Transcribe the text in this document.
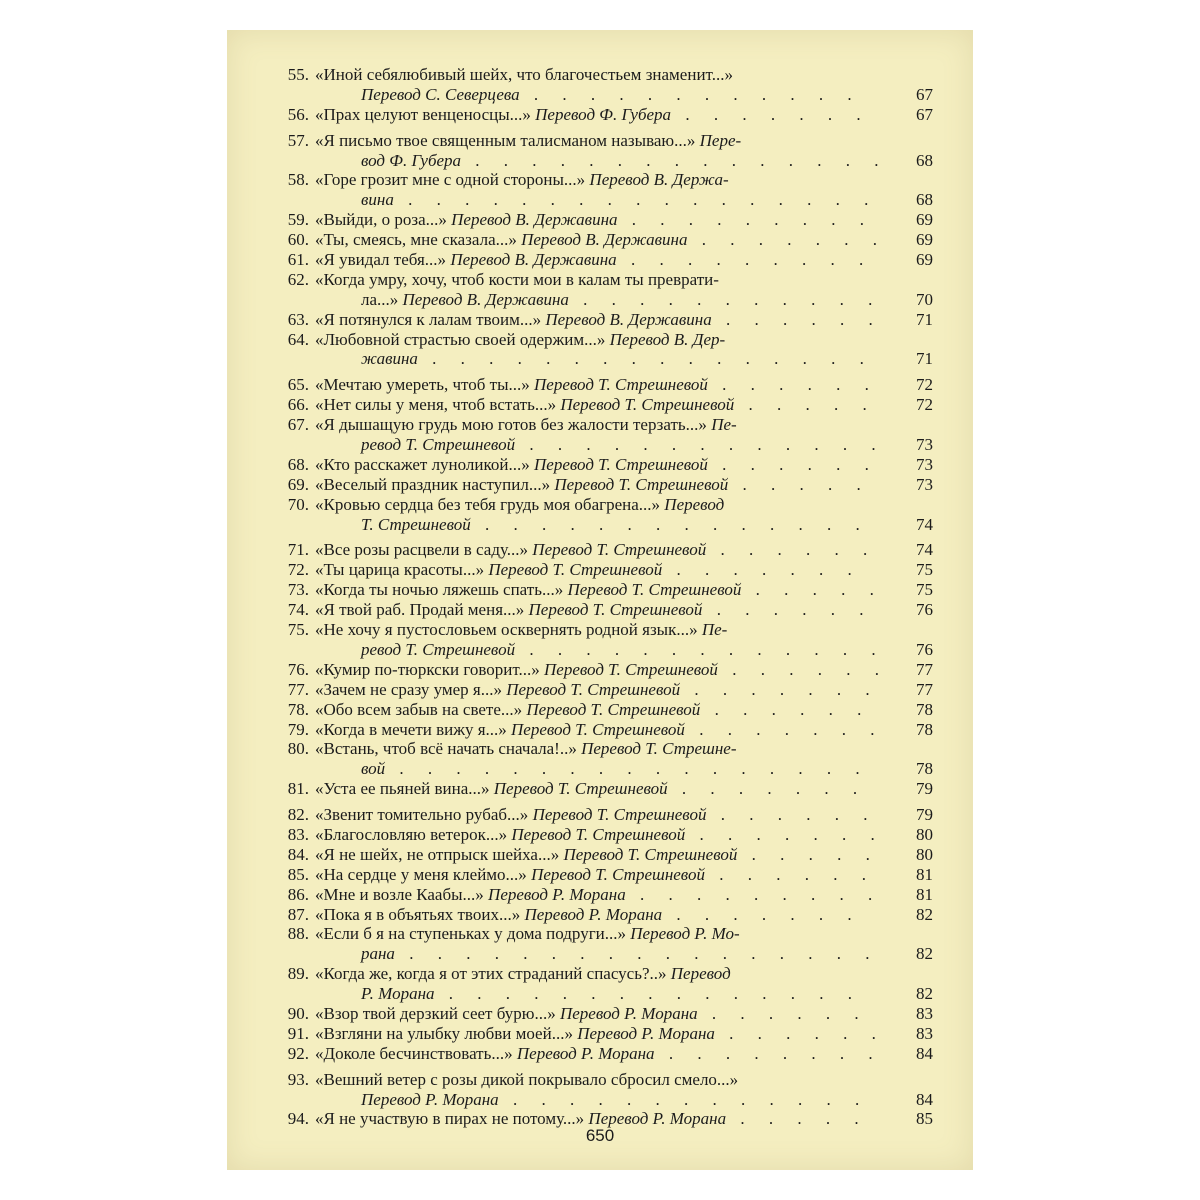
55. «Иной себялюбивый шейх, что благочестьем знаменит...»
Перевод С. Северцева . . . . . . . . . . . .	67
56. «Прах целуют венценосцы...» Перевод Ф. Губера . . . . . . .	67
57. «Я письмо твое священным талисманом называю...» Пере-
вод Ф. Губера . . . . . . . . . . . . . . .	68
58. «Горе грозит мне с одной стороны...» Перевод В. Держа-
вина . . . . . . . . . . . . . . . . .	68
59. «Выйди, о роза...» Перевод В. Державина . . . . . . . . .	69
60. «Ты, смеясь, мне сказала...» Перевод В. Державина . . . . . . .	69
61. «Я увидал тебя...» Перевод В. Державина . . . . . . . . .	69
62. «Когда умру, хочу, чтоб кости мои в калам ты преврати-
ла...» Перевод В. Державина . . . . . . . . . . .	70
63. «Я потянулся к лалам твоим...» Перевод В. Державина . . . . . .	71
64. «Любовной страстью своей одержим...» Перевод В. Дер-
жавина . . . . . . . . . . . . . . . .	71
65. «Мечтаю умереть, чтоб ты...» Перевод Т. Стрешневой . . . . . .	72
66. «Нет силы у меня, чтоб встать...» Перевод Т. Стрешневой . . . . .	72
67. «Я дышащую грудь мою готов без жалости терзать...» Пе-
ревод Т. Стрешневой . . . . . . . . . . . . .	73
68. «Кто расскажет луноликой...» Перевод Т. Стрешневой . . . . . .	73
69. «Веселый праздник наступил...» Перевод Т. Стрешневой . . . . .	73
70. «Кровью сердца без тебя грудь моя обагрена...» Перевод
Т. Стрешневой . . . . . . . . . . . . . .	74
71. «Все розы расцвели в саду...» Перевод Т. Стрешневой . . . . . .	74
72. «Ты царица красоты...» Перевод Т. Стрешневой . . . . . . .	75
73. «Когда ты ночью ляжешь спать...» Перевод Т. Стрешневой . . . . .	75
74. «Я твой раб. Продай меня...» Перевод Т. Стрешневой . . . . . .	76
75. «Не хочу я пустословьем осквернять родной язык...» Пе-
ревод Т. Стрешневой . . . . . . . . . . . . .	76
76. «Кумир по-тюркски говорит...» Перевод Т. Стрешневой . . . . . .	77
77. «Зачем не сразу умер я...» Перевод Т. Стрешневой . . . . . . .	77
78. «Обо всем забыв на свете...» Перевод Т. Стрешневой . . . . . .	78
79. «Когда в мечети вижу я...» Перевод Т. Стрешневой . . . . . . .	78
80. «Встань, чтоб всё начать сначала!..» Перевод Т. Стрешне-
вой . . . . . . . . . . . . . . . . .	78
81. «Уста ее пьяней вина...» Перевод Т. Стрешневой . . . . . . .	79
82. «Звенит томительно рубаб...» Перевод Т. Стрешневой . . . . . .	79
83. «Благословляю ветерок...» Перевод Т. Стрешневой . . . . . . .	80
84. «Я не шейх, не отпрыск шейха...» Перевод Т. Стрешневой . . . . .	80
85. «На сердце у меня клеймо...» Перевод Т. Стрешневой . . . . . .	81
86. «Мне и возле Каабы...» Перевод Р. Морана . . . . . . . . .	81
87. «Пока я в объятьях твоих...» Перевод Р. Морана . . . . . . .	82
88. «Если б я на ступеньках у дома подруги...» Перевод Р. Мо-
рана . . . . . . . . . . . . . . . . .	82
89. «Когда же, когда я от этих страданий спасусь?..» Перевод
Р. Морана . . . . . . . . . . . . . . .	82
90. «Взор твой дерзкий сеет бурю...» Перевод Р. Морана . . . . . .	83
91. «Взгляни на улыбку любви моей...» Перевод Р. Морана . . . . . .	83
92. «Доколе бесчинствовать...» Перевод Р. Морана . . . . . . . .	84
93. «Вешний ветер с розы дикой покрывало сбросил смело...»
Перевод Р. Морана . . . . . . . . . . . . .	84
94. «Я не участвую в пирах не потому...» Перевод Р. Морана . . . . .	85
650
